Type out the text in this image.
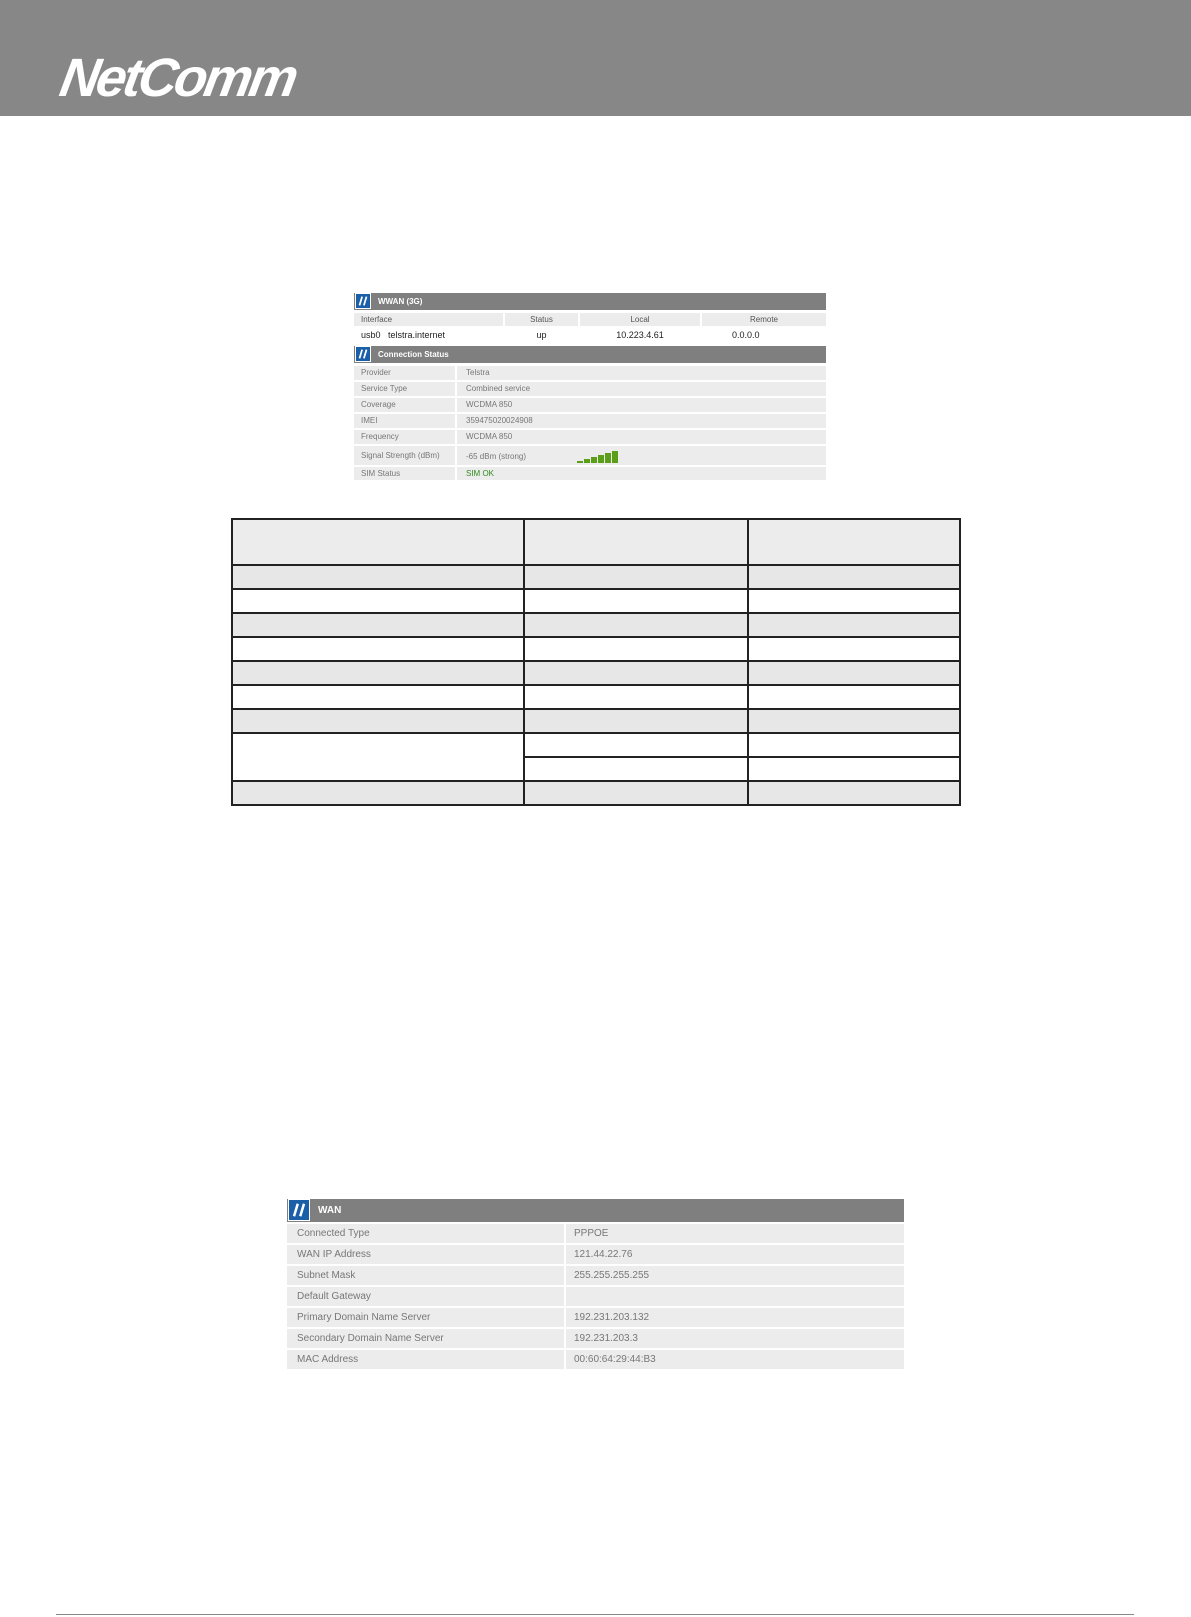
NetComm
WWAN (3G)
Interface	Status	Local	Remote
usb0 telstra.internet	up	10.223.4.61	0.0.0.0
Connection Status
Provider	Telstra
Service Type	Combined service
Coverage	WCDMA 850
IMEI	359475020024908
Frequency	WCDMA 850
Signal Strength (dBm)	-65 dBm (strong)
SIM Status	SIM OK

WAN
Connected Type	PPPOE
WAN IP Address	121.44.22.76
Subnet Mask	255.255.255.255
Default Gateway
Primary Domain Name Server	192.231.203.132
Secondary Domain Name Server	192.231.203.3
MAC Address	00:60:64:29:44:B3
